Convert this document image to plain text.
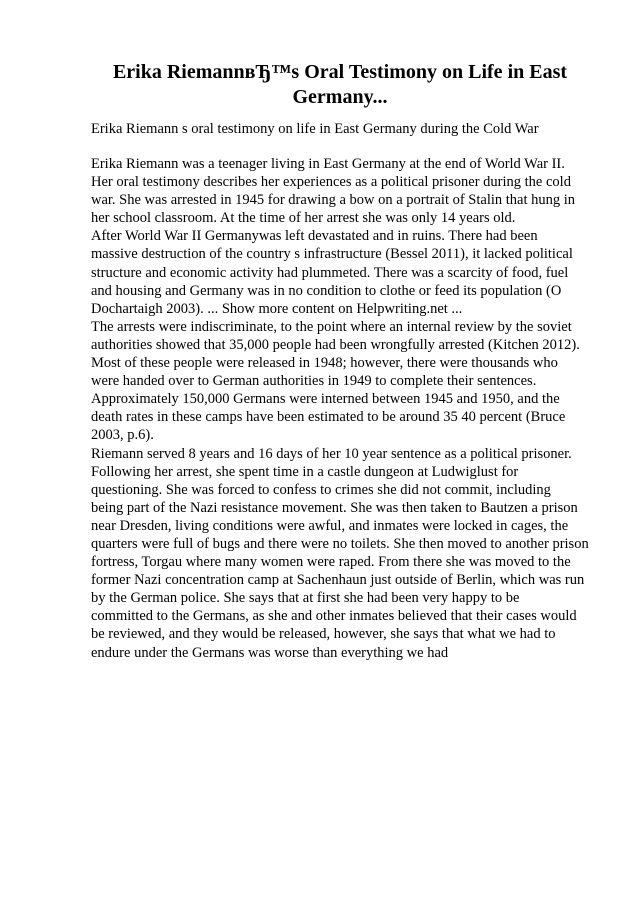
Erika RiemannвЂ™s Oral Testimony on Life in East
Germany...

Erika Riemann s oral testimony on life in East Germany during the Cold War

Erika Riemann was a teenager living in East Germany at the end of World War II.
Her oral testimony describes her experiences as a political prisoner during the cold
war. She was arrested in 1945 for drawing a bow on a portrait of Stalin that hung in
her school classroom. At the time of her arrest she was only 14 years old.
After World War II Germanywas left devastated and in ruins. There had been
massive destruction of the country s infrastructure (Bessel 2011), it lacked political
structure and economic activity had plummeted. There was a scarcity of food, fuel
and housing and Germany was in no condition to clothe or feed its population (O
Dochartaigh 2003). ... Show more content on Helpwriting.net ...
The arrests were indiscriminate, to the point where an internal review by the soviet
authorities showed that 35,000 people had been wrongfully arrested (Kitchen 2012).
Most of these people were released in 1948; however, there were thousands who
were handed over to German authorities in 1949 to complete their sentences.
Approximately 150,000 Germans were interned between 1945 and 1950, and the
death rates in these camps have been estimated to be around 35 40 percent (Bruce
2003, p.6).
Riemann served 8 years and 16 days of her 10 year sentence as a political prisoner.
Following her arrest, she spent time in a castle dungeon at Ludwiglust for
questioning. She was forced to confess to crimes she did not commit, including
being part of the Nazi resistance movement. She was then taken to Bautzen a prison
near Dresden, living conditions were awful, and inmates were locked in cages, the
quarters were full of bugs and there were no toilets. She then moved to another prison
fortress, Torgau where many women were raped. From there she was moved to the
former Nazi concentration camp at Sachenhaun just outside of Berlin, which was run
by the German police. She says that at first she had been very happy to be
committed to the Germans, as she and other inmates believed that their cases would
be reviewed, and they would be released, however, she says that what we had to
endure under the Germans was worse than everything we had
